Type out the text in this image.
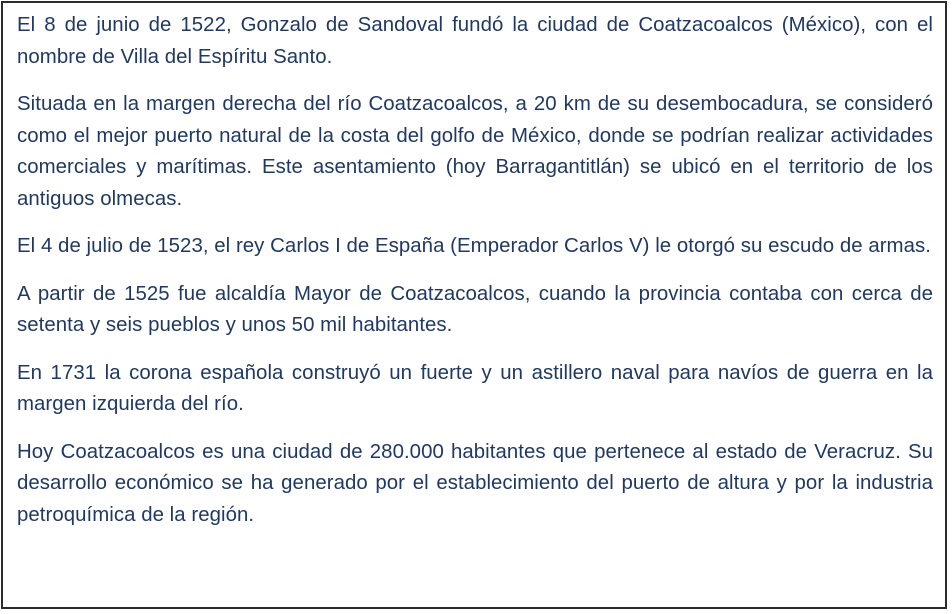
El 8 de junio de 1522, Gonzalo de Sandoval fundó la ciudad de Coatzacoalcos (México), con el nombre de Villa del Espíritu Santo.

Situada en la margen derecha del río Coatzacoalcos, a 20 km de su desembocadura, se consideró como el mejor puerto natural de la costa del golfo de México, donde se podrían realizar actividades comerciales y marítimas. Este asentamiento (hoy Barragantitlán) se ubicó en el territorio de los antiguos olmecas.

El 4 de julio de 1523, el rey Carlos I de España (Emperador Carlos V) le otorgó su escudo de armas.

A partir de 1525 fue alcaldía Mayor de Coatzacoalcos, cuando la provincia contaba con cerca de setenta y seis pueblos y unos 50 mil habitantes.

En 1731 la corona española construyó un fuerte y un astillero naval para navíos de guerra en la margen izquierda del río.

Hoy Coatzacoalcos es una ciudad de 280.000 habitantes que pertenece al estado de Veracruz. Su desarrollo económico se ha generado por el establecimiento del puerto de altura y por la industria petroquímica de la región.
